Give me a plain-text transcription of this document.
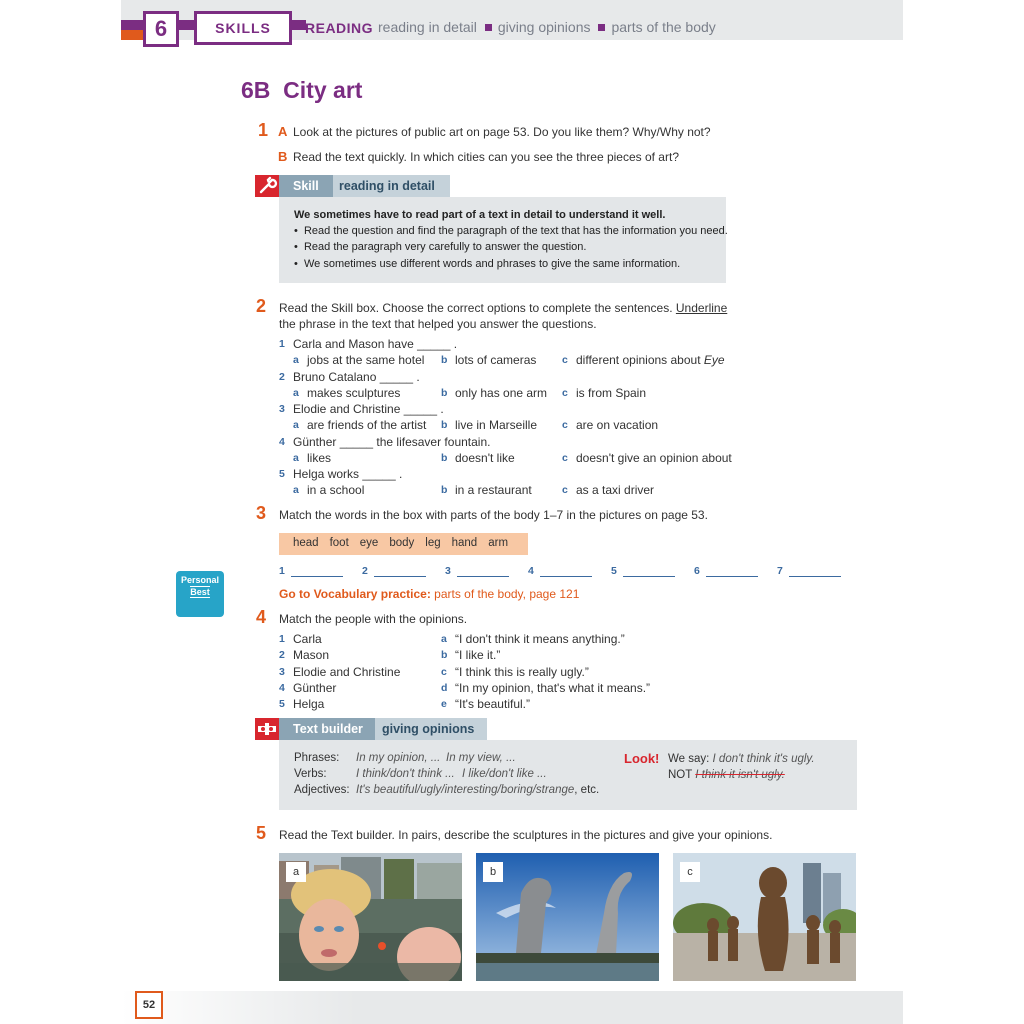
6	SKILLS	READING reading in detail giving opinions parts of the body
6B  City art
1 A Look at the pictures of public art on page 53. Do you like them? Why/Why not?
B Read the text quickly. In which cities can you see the three pieces of art?
Skill	reading in detail
We sometimes have to read part of a text in detail to understand it well.
•  Read the question and find the paragraph of the text that has the information you need.
•  Read the paragraph very carefully to answer the question.
•  We sometimes use different words and phrases to give the same information.
2 Read the Skill box. Choose the correct options to complete the sentences. Underline
the phrase in the text that helped you answer the questions.
1 Carla and Mason have _____ .
a jobs at the same hotel b lots of cameras c different opinions about Eye
2 Bruno Catalano _____ .
a makes sculptures	b only has one arm c is from Spain
3 Elodie and Christine _____ .
a are friends of the artist b live in Marseille c are on vacation
4 Günther _____ the lifesaver fountain.
a likes	b doesn't like	c doesn't give an opinion about
5 Helga works _____ .
a in a school	b in a restaurant	c as a taxi driver
3 Match the words in the box with parts of the body 1–7 in the pictures on page 53.
head foot eye body leg hand arm
1	2	3	4	5	6	7
Personal
Best	Go to Vocabulary practice: parts of the body, page 121
4 Match the people with the opinions.
1 Carla	a “I don't think it means anything.”
2 Mason	b “I like it.”
3 Elodie and Christine	c “I think this is really ugly.”
4 Günther	d “In my opinion, that's what it means.”
5 Helga	e “It's beautiful.”
Text builder	giving opinions
Phrases: In my opinion, ... In my view, ...
Verbs:	I think/don't think ... I like/don't like ...
Adjectives: It's beautiful/ugly/interesting/boring/strange, etc.
Look! We say: I don't think it's ugly.
NOT I think it isn't ugly.
5 Read the Text builder. In pairs, describe the sculptures in the pictures and give your opinions.
a	b	c
52
